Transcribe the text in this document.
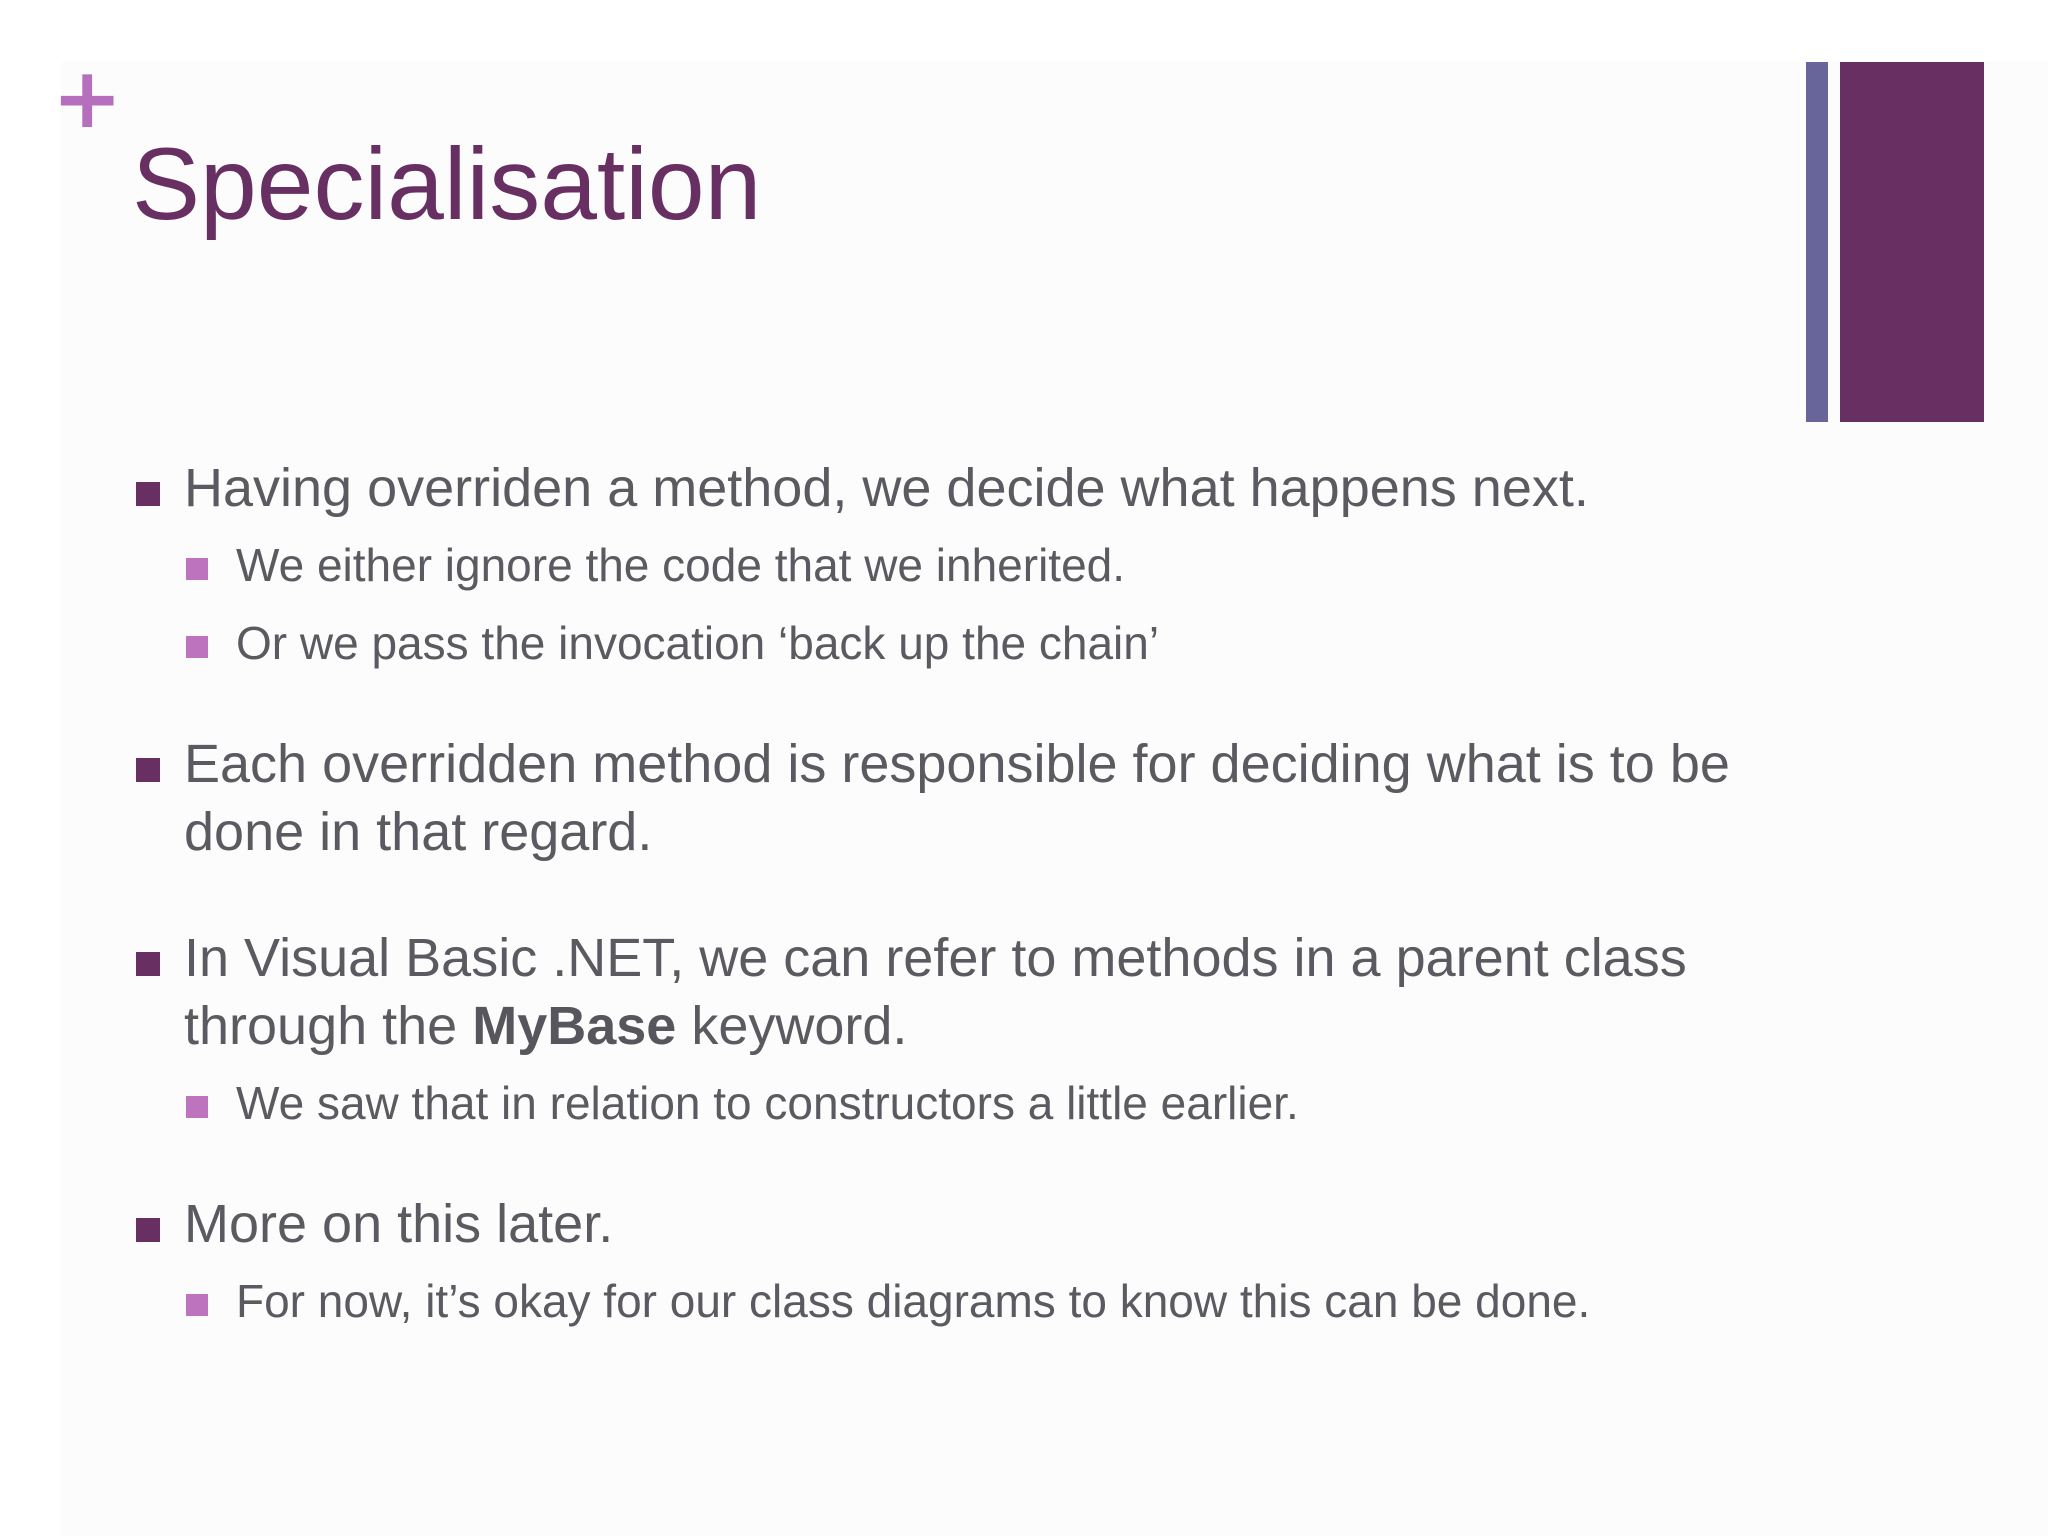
+
Specialisation
Having overriden a method, we decide what happens next.
We either ignore the code that we inherited.
Or we pass the invocation ‘back up the chain’
Each overridden method is responsible for deciding what is to be done in that regard.
In Visual Basic .NET, we can refer to methods in a parent class through the MyBase keyword.
We saw that in relation to constructors a little earlier.
More on this later.
For now, it’s okay for our class diagrams to know this can be done.
